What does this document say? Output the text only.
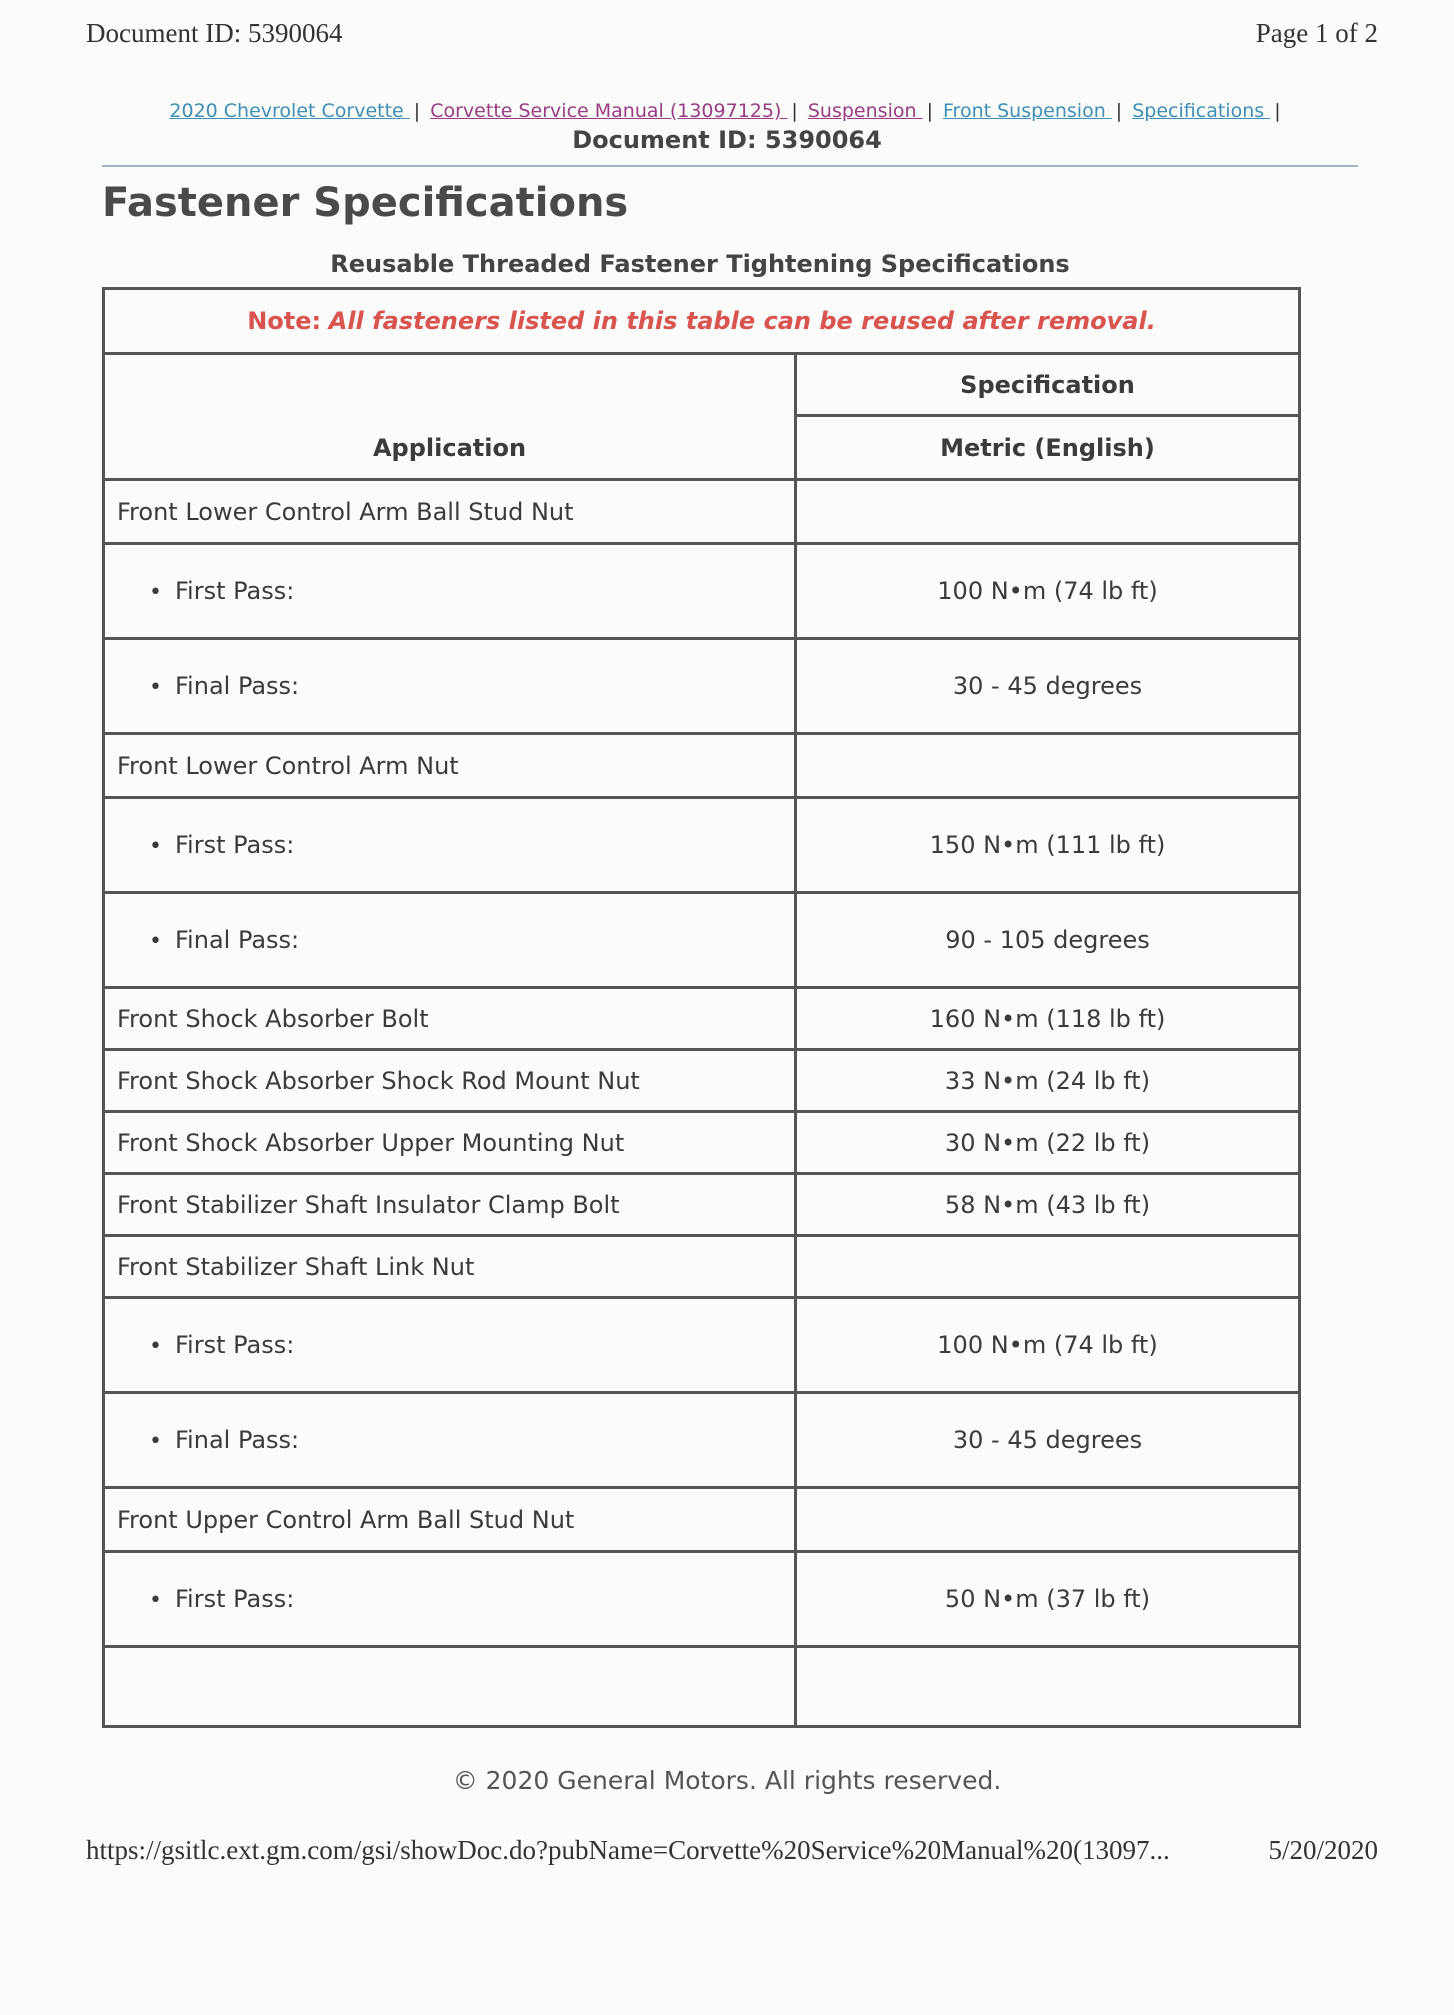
Document ID: 5390064	Page 1 of 2
2020 Chevrolet Corvette | Corvette Service Manual (13097125) | Suspension | Front Suspension | Specifications |
Document ID: 5390064
Fastener Specifications
Reusable Threaded Fastener Tightening Specifications
Note: All fasteners listed in this table can be reused after removal.	
Application	Specification
	Metric (English)
Front Lower Control Arm Ball Stud Nut	
• First Pass:	100 N•m (74 lb ft)
• Final Pass:	30 - 45 degrees
Front Lower Control Arm Nut	
• First Pass:	150 N•m (111 lb ft)
• Final Pass:	90 - 105 degrees
Front Shock Absorber Bolt	160 N•m (118 lb ft)
Front Shock Absorber Shock Rod Mount Nut	33 N•m (24 lb ft)
Front Shock Absorber Upper Mounting Nut	30 N•m (22 lb ft)
Front Stabilizer Shaft Insulator Clamp Bolt	58 N•m (43 lb ft)
Front Stabilizer Shaft Link Nut	
• First Pass:	100 N•m (74 lb ft)
• Final Pass:	30 - 45 degrees
Front Upper Control Arm Ball Stud Nut	
• First Pass:	50 N•m (37 lb ft)

© 2020 General Motors. All rights reserved.
https://gsitlc.ext.gm.com/gsi/showDoc.do?pubName=Corvette%20Service%20Manual%20(13097...	5/20/2020
